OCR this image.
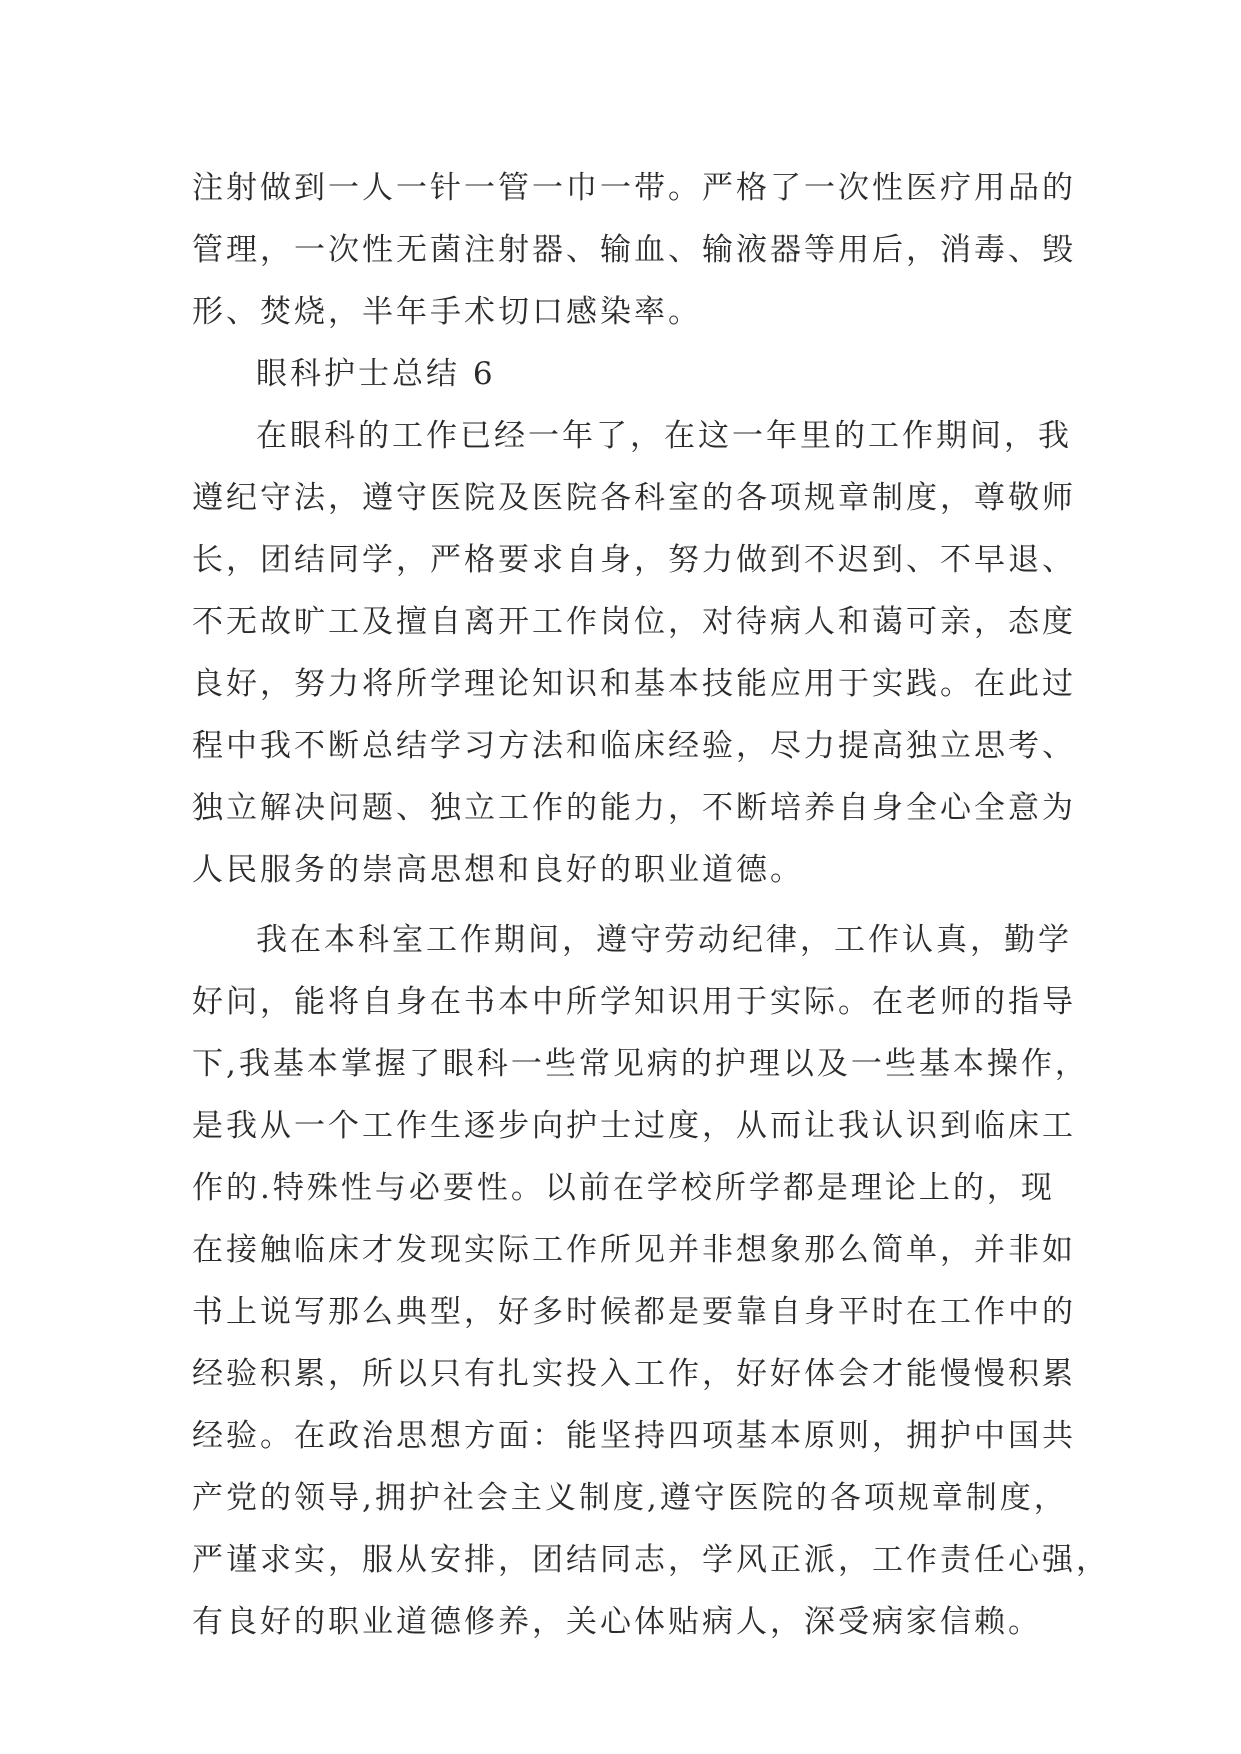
注射做到一人一针一管一巾一带。严格了一次性医疗用品的
管理，一次性无菌注射器、输血、输液器等用后，消毒、毁
形、焚烧，半年手术切口感染率。
眼科护士总结 6
在眼科的工作已经一年了，在这一年里的工作期间，我
遵纪守法，遵守医院及医院各科室的各项规章制度，尊敬师
长，团结同学，严格要求自身，努力做到不迟到、不早退、
不无故旷工及擅自离开工作岗位，对待病人和蔼可亲，态度
良好，努力将所学理论知识和基本技能应用于实践。在此过
程中我不断总结学习方法和临床经验，尽力提高独立思考、
独立解决问题、独立工作的能力，不断培养自身全心全意为
人民服务的崇高思想和良好的职业道德。
我在本科室工作期间，遵守劳动纪律，工作认真，勤学
好问，能将自身在书本中所学知识用于实际。在老师的指导
下,我基本掌握了眼科一些常见病的护理以及一些基本操作，
是我从一个工作生逐步向护士过度，从而让我认识到临床工
作的.特殊性与必要性。以前在学校所学都是理论上的，现
在接触临床才发现实际工作所见并非想象那么简单，并非如
书上说写那么典型，好多时候都是要靠自身平时在工作中的
经验积累，所以只有扎实投入工作，好好体会才能慢慢积累
经验。在政治思想方面：能坚持四项基本原则，拥护中国共
产党的领导,拥护社会主义制度,遵守医院的各项规章制度，
严谨求实，服从安排，团结同志，学风正派，工作责任心强，
有良好的职业道德修养，关心体贴病人，深受病家信赖。
